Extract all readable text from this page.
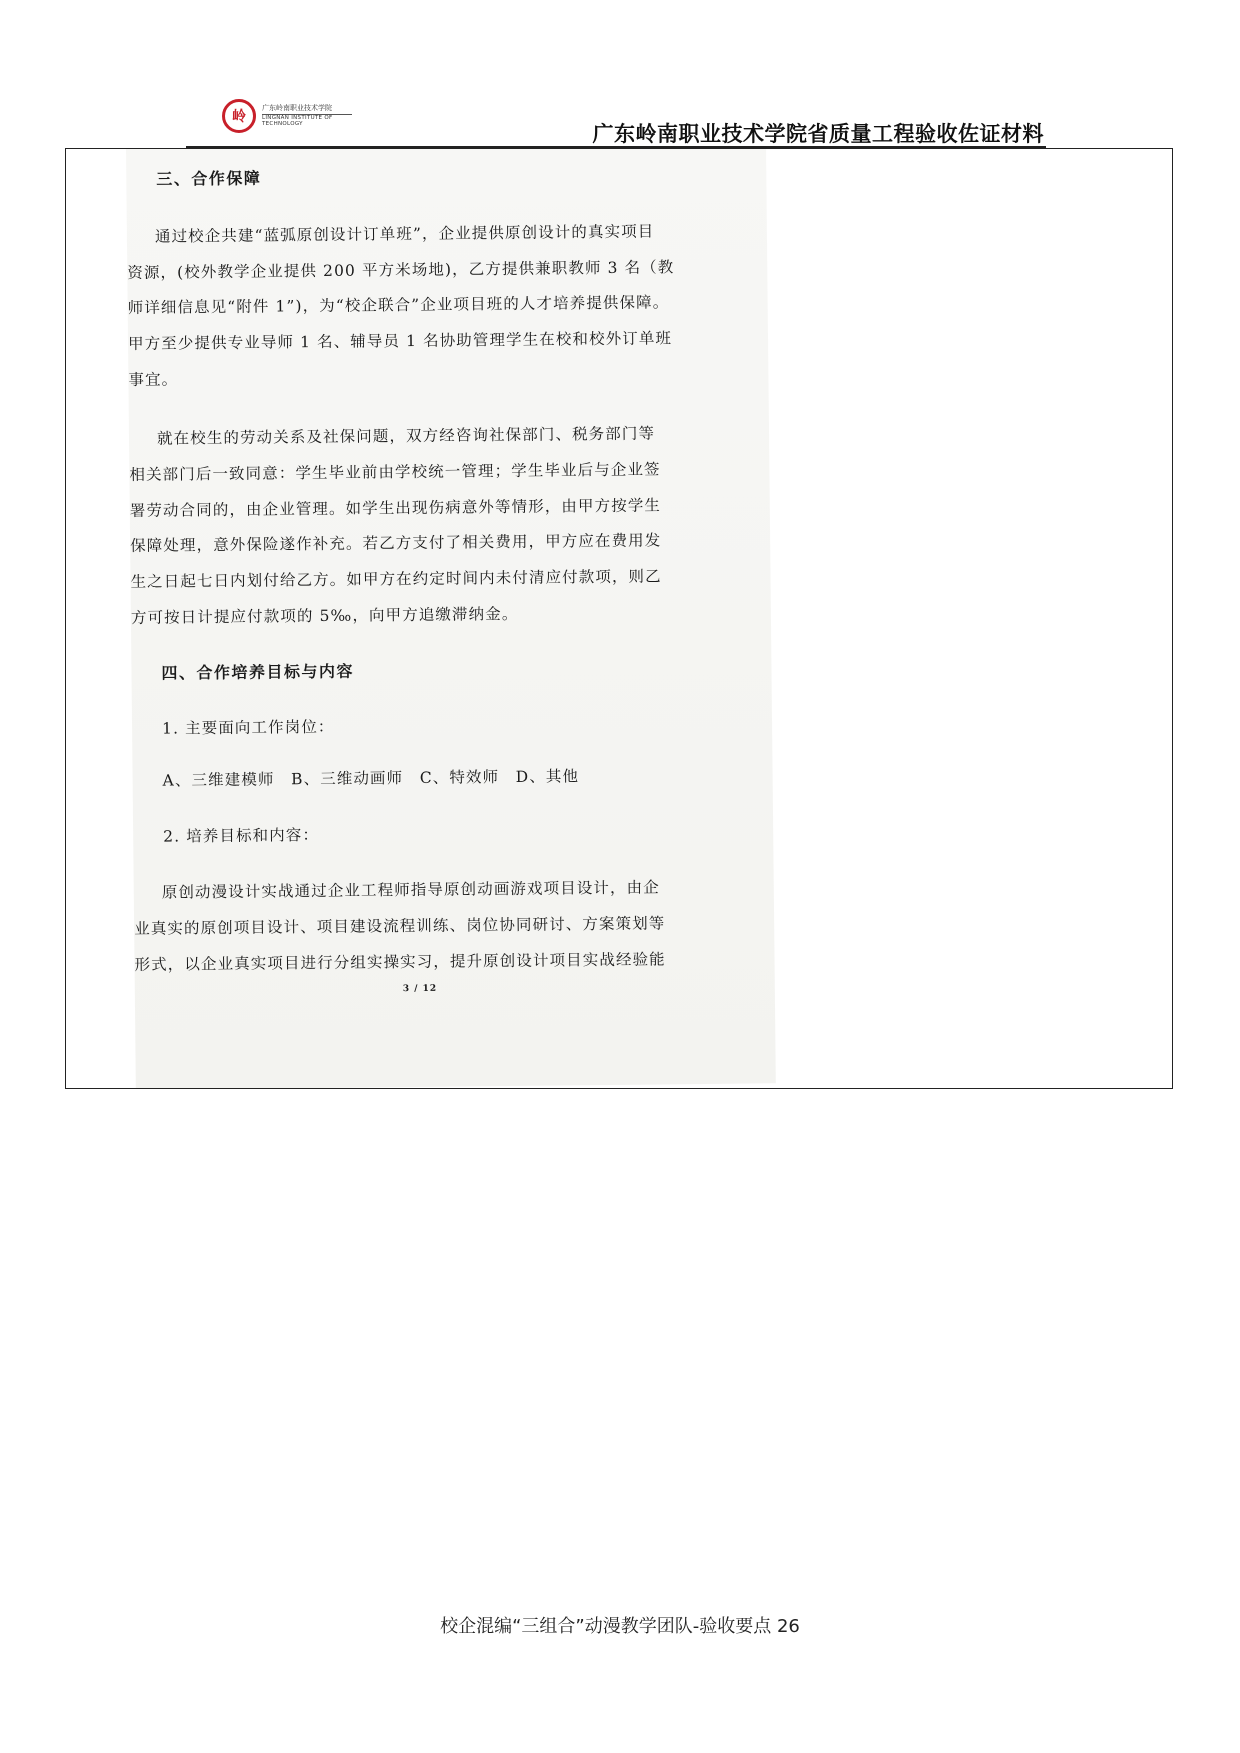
岭
广东岭南职业技术学院
LINGNAN INSTITUTE OF TECHNOLOGY	广东岭南职业技术学院省质量工程验收佐证材料
三、合作保障
通过校企共建“蓝弧原创设计订单班”，企业提供原创设计的真实项目
资源，(校外教学企业提供 200 平方米场地)，乙方提供兼职教师 3 名（教
师详细信息见“附件 1”)，为“校企联合”企业项目班的人才培养提供保障。
甲方至少提供专业导师 1 名、辅导员 1 名协助管理学生在校和校外订单班
事宜。
就在校生的劳动关系及社保问题，双方经咨询社保部门、税务部门等
相关部门后一致同意：学生毕业前由学校统一管理；学生毕业后与企业签
署劳动合同的，由企业管理。如学生出现伤病意外等情形，由甲方按学生
保障处理，意外保险遂作补充。若乙方支付了相关费用，甲方应在费用发
生之日起七日内划付给乙方。如甲方在约定时间内未付清应付款项，则乙
方可按日计提应付款项的 5‰，向甲方追缴滞纳金。
四、合作培养目标与内容
1. 主要面向工作岗位：
A、三维建模师　B、三维动画师　C、特效师　D、其他
2. 培养目标和内容：
原创动漫设计实战通过企业工程师指导原创动画游戏项目设计，由企
业真实的原创项目设计、项目建设流程训练、岗位协同研讨、方案策划等
形式，以企业真实项目进行分组实操实习，提升原创设计项目实战经验能
3 / 12
校企混编“三组合”动漫教学团队-验收要点 26
